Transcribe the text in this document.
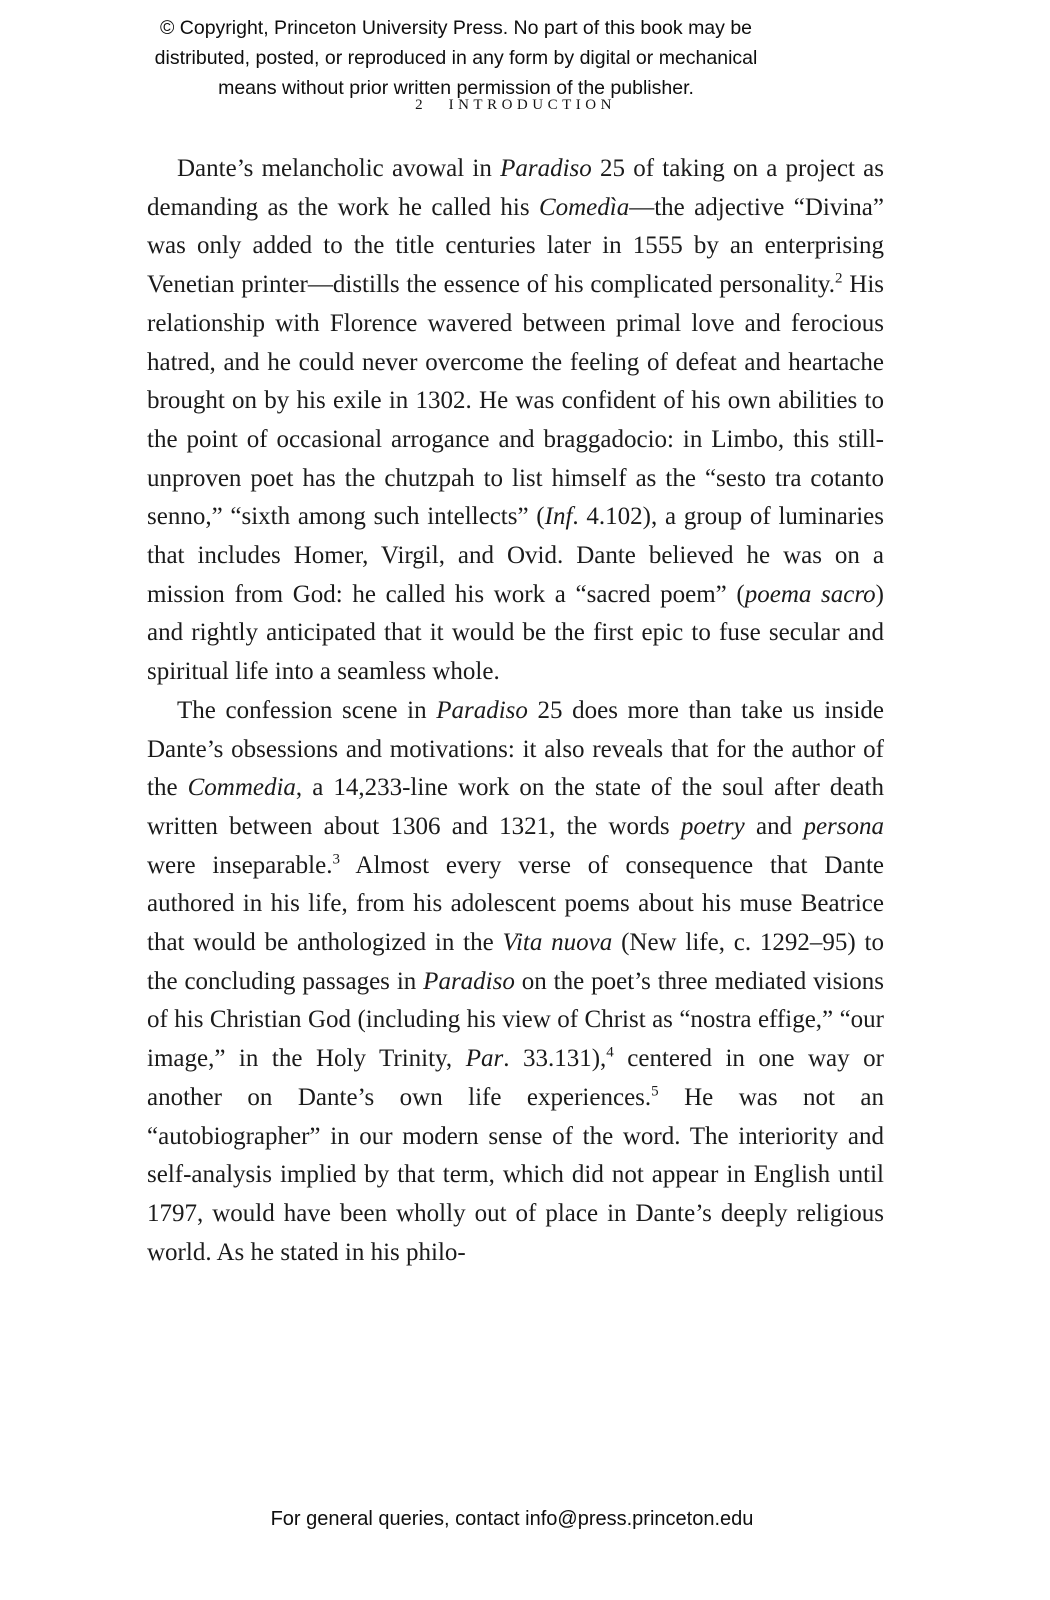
© Copyright, Princeton University Press. No part of this book may be
distributed, posted, or reproduced in any form by digital or mechanical
means without prior written permission of the publisher.
2 INTRODUCTION

Dante’s melancholic avowal in Paradiso 25 of taking on a project as demanding as the work he called his Comedìa—the adjective “Divina” was only added to the title centuries later in 1555 by an enterprising Venetian printer—distills the essence of his complicated personality.$^2$ His relationship with Florence wavered between primal love and ferocious hatred, and he could never overcome the feeling of defeat and heartache brought on by his exile in 1302. He was confident of his own abilities to the point of occasional arrogance and braggadocio: in Limbo, this still-unproven poet has the chutzpah to list himself as the “sesto tra cotanto senno,” “sixth among such intellects” (Inf. 4.102), a group of luminaries that includes Homer, Virgil, and Ovid. Dante believed he was on a mission from God: he called his work a “sacred poem” (poema sacro) and rightly anticipated that it would be the first epic to fuse secular and spiritual life into a seamless whole.

The confession scene in Paradiso 25 does more than take us inside Dante’s obsessions and motivations: it also reveals that for the author of the Commedia, a 14,233-line work on the state of the soul after death written between about 1306 and 1321, the words poetry and persona were inseparable.$^3$ Almost every verse of consequence that Dante authored in his life, from his adolescent poems about his muse Beatrice that would be anthologized in the Vita nuova (New life, c. 1292–95) to the concluding passages in Paradiso on the poet’s three mediated visions of his Christian God (including his view of Christ as “nostra effige,” “our image,” in the Holy Trinity, Par. 33.131),$^4$ centered in one way or another on Dante’s own life experiences.$^5$ He was not an “autobiographer” in our modern sense of the word. The interiority and self-analysis implied by that term, which did not appear in English until 1797, would have been wholly out of place in Dante’s deeply religious world. As he stated in his philo-

For general queries, contact info@press.princeton.edu
